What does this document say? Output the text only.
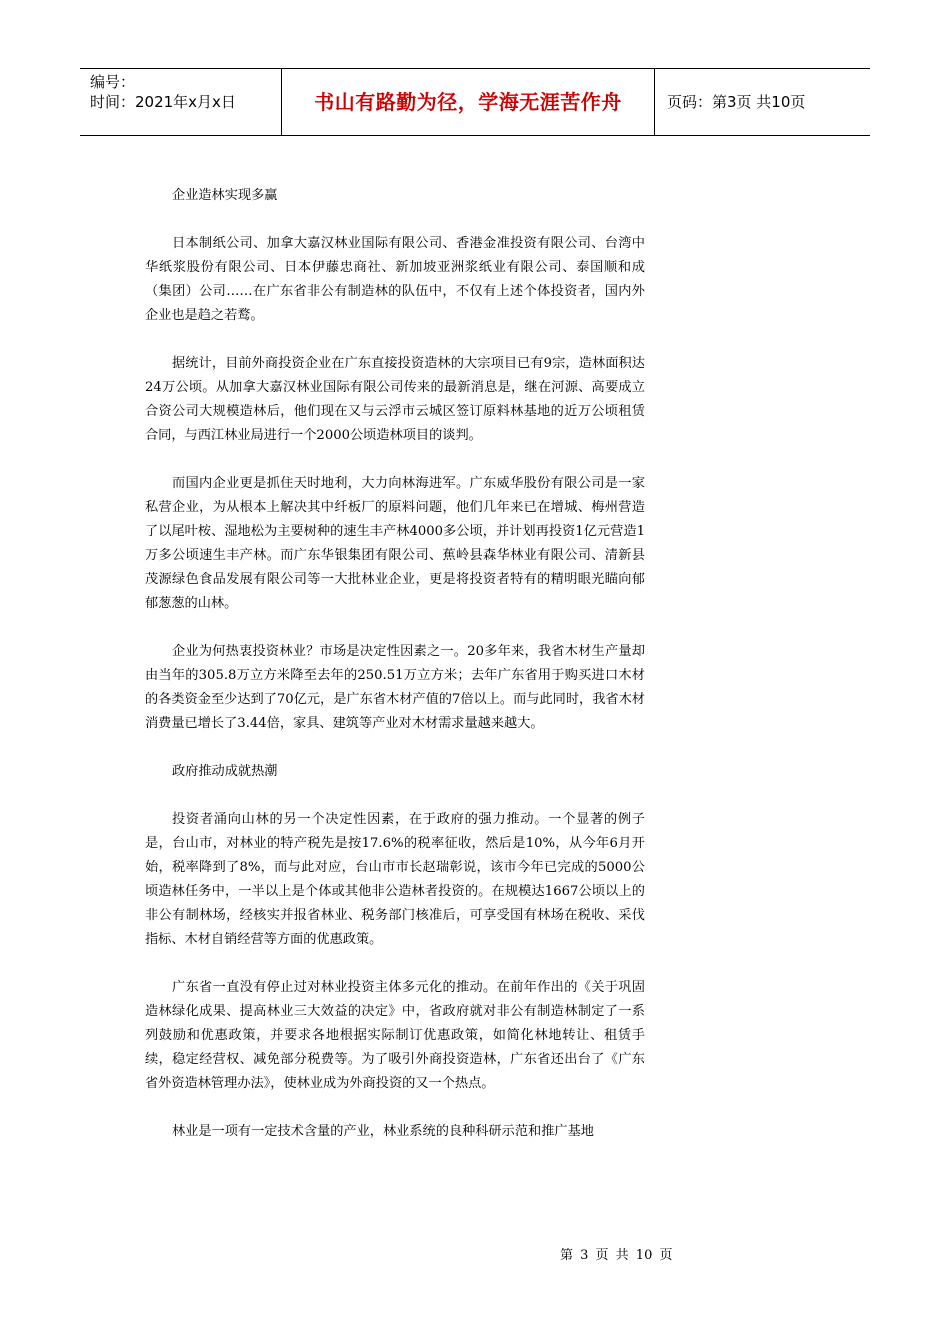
编号：
时间：2021年x月x日	书山有路勤为径，学海无涯苦作舟	页码：第3页 共10页

企业造林实现多赢

日本制纸公司、加拿大嘉汉林业国际有限公司、香港金准投资有限公司、台湾中华纸浆股份有限公司、日本伊藤忠商社、新加坡亚洲浆纸业有限公司、泰国顺和成（集团）公司……在广东省非公有制造林的队伍中，不仅有上述个体投资者，国内外企业也是趋之若鹜。

据统计，目前外商投资企业在广东直接投资造林的大宗项目已有9宗，造林面积达24万公顷。从加拿大嘉汉林业国际有限公司传来的最新消息是，继在河源、高要成立合资公司大规模造林后，他们现在又与云浮市云城区签订原料林基地的近万公顷租赁合同，与西江林业局进行一个2000公顷造林项目的谈判。

而国内企业更是抓住天时地利，大力向林海进军。广东威华股份有限公司是一家私营企业，为从根本上解决其中纤板厂的原料问题，他们几年来已在增城、梅州营造了以尾叶桉、湿地松为主要树种的速生丰产林4000多公顷，并计划再投资1亿元营造1万多公顷速生丰产林。而广东华银集团有限公司、蕉岭县森华林业有限公司、清新县茂源绿色食品发展有限公司等一大批林业企业，更是将投资者特有的精明眼光瞄向郁郁葱葱的山林。

企业为何热衷投资林业？市场是决定性因素之一。20多年来，我省木材生产量却由当年的305.8万立方米降至去年的250.51万立方米；去年广东省用于购买进口木材的各类资金至少达到了70亿元，是广东省木材产值的7倍以上。而与此同时，我省木材消费量已增长了3.44倍，家具、建筑等产业对木材需求量越来越大。

政府推动成就热潮

投资者涌向山林的另一个决定性因素，在于政府的强力推动。一个显著的例子是，台山市，对林业的特产税先是按17.6%的税率征收，然后是10%，从今年6月开始，税率降到了8%，而与此对应，台山市市长赵瑞彰说，该市今年已完成的5000公顷造林任务中，一半以上是个体或其他非公造林者投资的。在规模达1667公顷以上的非公有制林场，经核实并报省林业、税务部门核准后，可享受国有林场在税收、采伐指标、木材自销经营等方面的优惠政策。

广东省一直没有停止过对林业投资主体多元化的推动。在前年作出的《关于巩固造林绿化成果、提高林业三大效益的决定》中，省政府就对非公有制造林制定了一系列鼓励和优惠政策，并要求各地根据实际制订优惠政策，如简化林地转让、租赁手续，稳定经营权、减免部分税费等。为了吸引外商投资造林，广东省还出台了《广东省外资造林管理办法》，使林业成为外商投资的又一个热点。

林业是一项有一定技术含量的产业，林业系统的良种科研示范和推广基地

第 3 页 共 10 页
